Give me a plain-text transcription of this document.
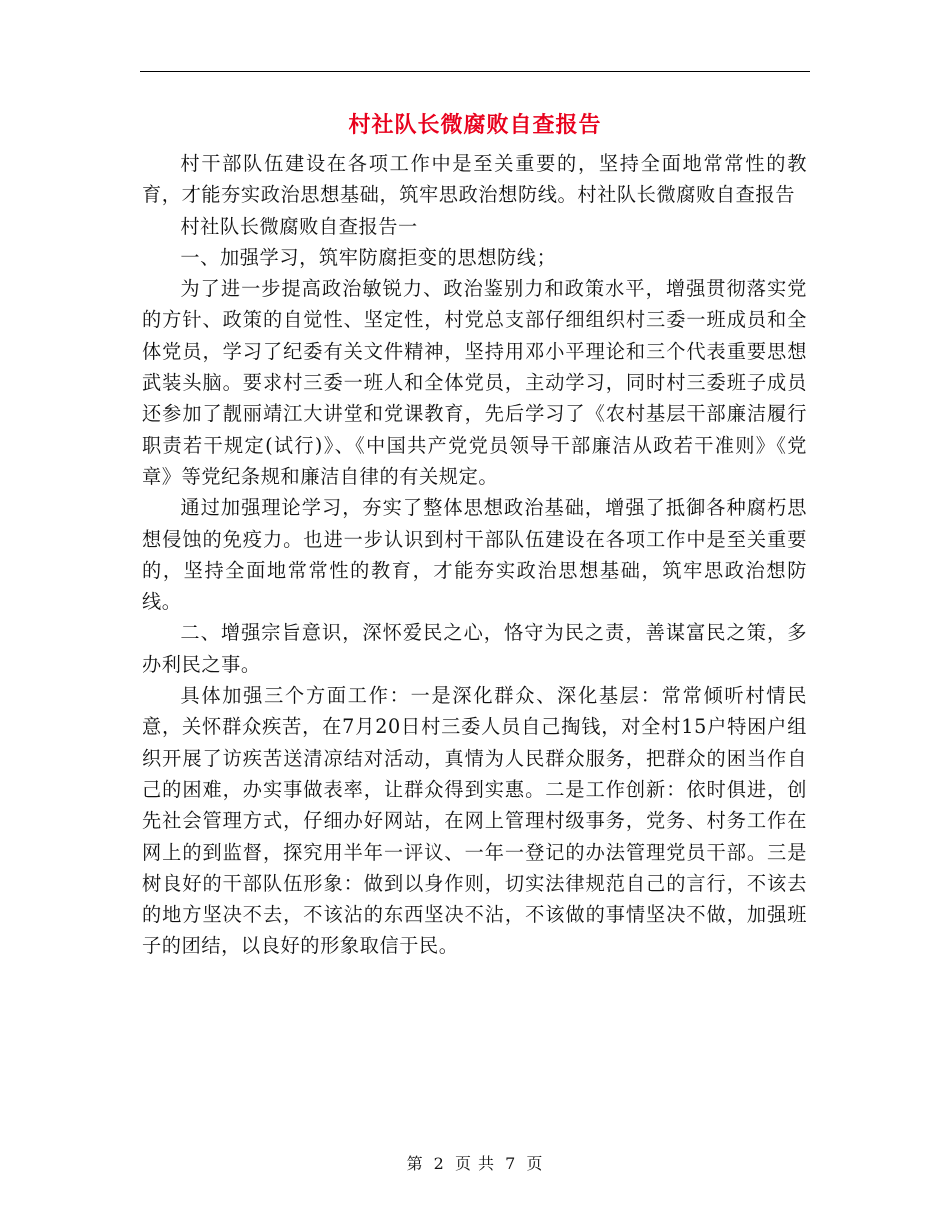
村社队长微腐败自查报告

村干部队伍建设在各项工作中是至关重要的，坚持全面地常常性的教育，才能夯实政治思想基础，筑牢思政治想防线。村社队长微腐败自查报告

村社队长微腐败自查报告一

一、加强学习，筑牢防腐拒变的思想防线；

为了进一步提高政治敏锐力、政治鉴别力和政策水平，增强贯彻落实党的方针、政策的自觉性、坚定性，村党总支部仔细组织村三委一班成员和全体党员，学习了纪委有关文件精神，坚持用邓小平理论和三个代表重要思想武装头脑。要求村三委一班人和全体党员，主动学习，同时村三委班子成员还参加了靓丽靖江大讲堂和党课教育，先后学习了《农村基层干部廉洁履行职责若干规定(试行)》、《中国共产党党员领导干部廉洁从政若干准则》《党章》等党纪条规和廉洁自律的有关规定。

通过加强理论学习，夯实了整体思想政治基础，增强了抵御各种腐朽思想侵蚀的免疫力。也进一步认识到村干部队伍建设在各项工作中是至关重要的，坚持全面地常常性的教育，才能夯实政治思想基础，筑牢思政治想防线。

二、增强宗旨意识，深怀爱民之心，恪守为民之责，善谋富民之策，多办利民之事。

具体加强三个方面工作：一是深化群众、深化基层：常常倾听村情民意，关怀群众疾苦，在7月20日村三委人员自己掏钱，对全村15户特困户组织开展了访疾苦送清凉结对活动，真情为人民群众服务，把群众的困当作自己的困难，办实事做表率，让群众得到实惠。二是工作创新：依时俱进，创先社会管理方式，仔细办好网站，在网上管理村级事务，党务、村务工作在网上的到监督，探究用半年一评议、一年一登记的办法管理党员干部。三是树良好的干部队伍形象：做到以身作则，切实法律规范自己的言行，不该去的地方坚决不去，不该沾的东西坚决不沾，不该做的事情坚决不做，加强班子的团结，以良好的形象取信于民。

第 2 页 共 7 页
